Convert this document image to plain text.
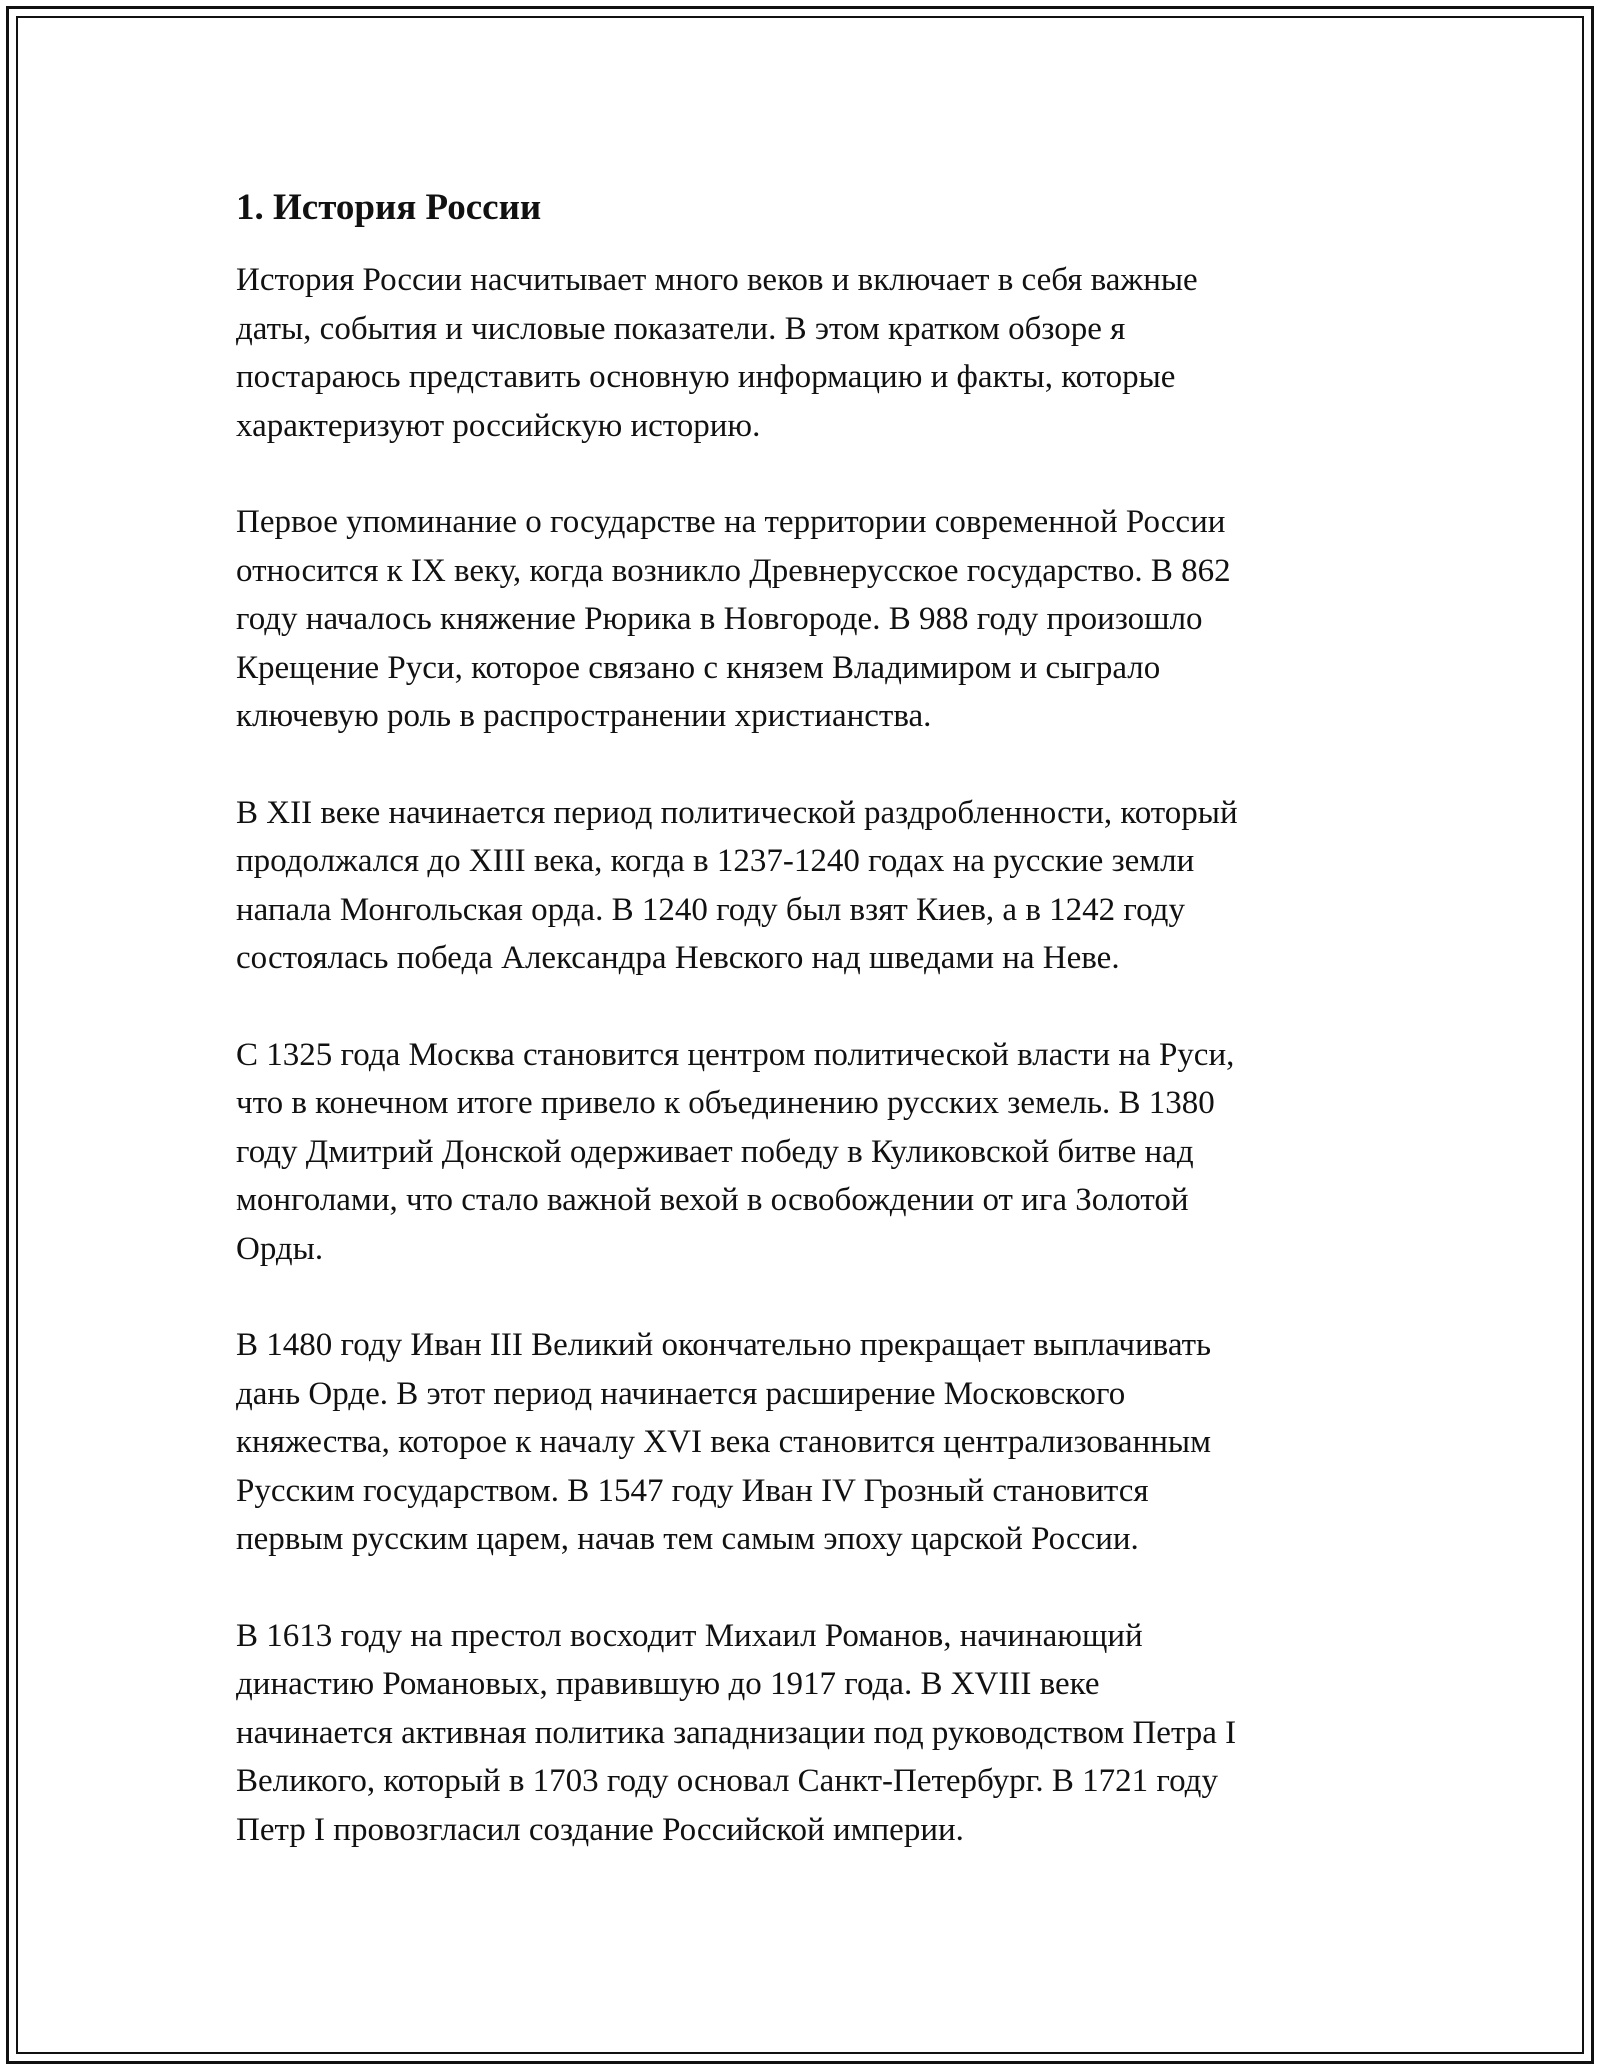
1. История России

История России насчитывает много веков и включает в себя важные
даты, события и числовые показатели. В этом кратком обзоре я
постараюсь представить основную информацию и факты, которые
характеризуют российскую историю.

Первое упоминание о государстве на территории современной России
относится к IX веку, когда возникло Древнерусское государство. В 862
году началось княжение Рюрика в Новгороде. В 988 году произошло
Крещение Руси, которое связано с князем Владимиром и сыграло
ключевую роль в распространении христианства.

В XII веке начинается период политической раздробленности, который
продолжался до XIII века, когда в 1237-1240 годах на русские земли
напала Монгольская орда. В 1240 году был взят Киев, а в 1242 году
состоялась победа Александра Невского над шведами на Неве.

С 1325 года Москва становится центром политической власти на Руси,
что в конечном итоге привело к объединению русских земель. В 1380
году Дмитрий Донской одерживает победу в Куликовской битве над
монголами, что стало важной вехой в освобождении от ига Золотой
Орды.

В 1480 году Иван III Великий окончательно прекращает выплачивать
дань Орде. В этот период начинается расширение Московского
княжества, которое к началу XVI века становится централизованным
Русским государством. В 1547 году Иван IV Грозный становится
первым русским царем, начав тем самым эпоху царской России.

В 1613 году на престол восходит Михаил Романов, начинающий
династию Романовых, правившую до 1917 года. В XVIII веке
начинается активная политика западнизации под руководством Петра I
Великого, который в 1703 году основал Санкт-Петербург. В 1721 году
Петр I провозгласил создание Российской империи.
